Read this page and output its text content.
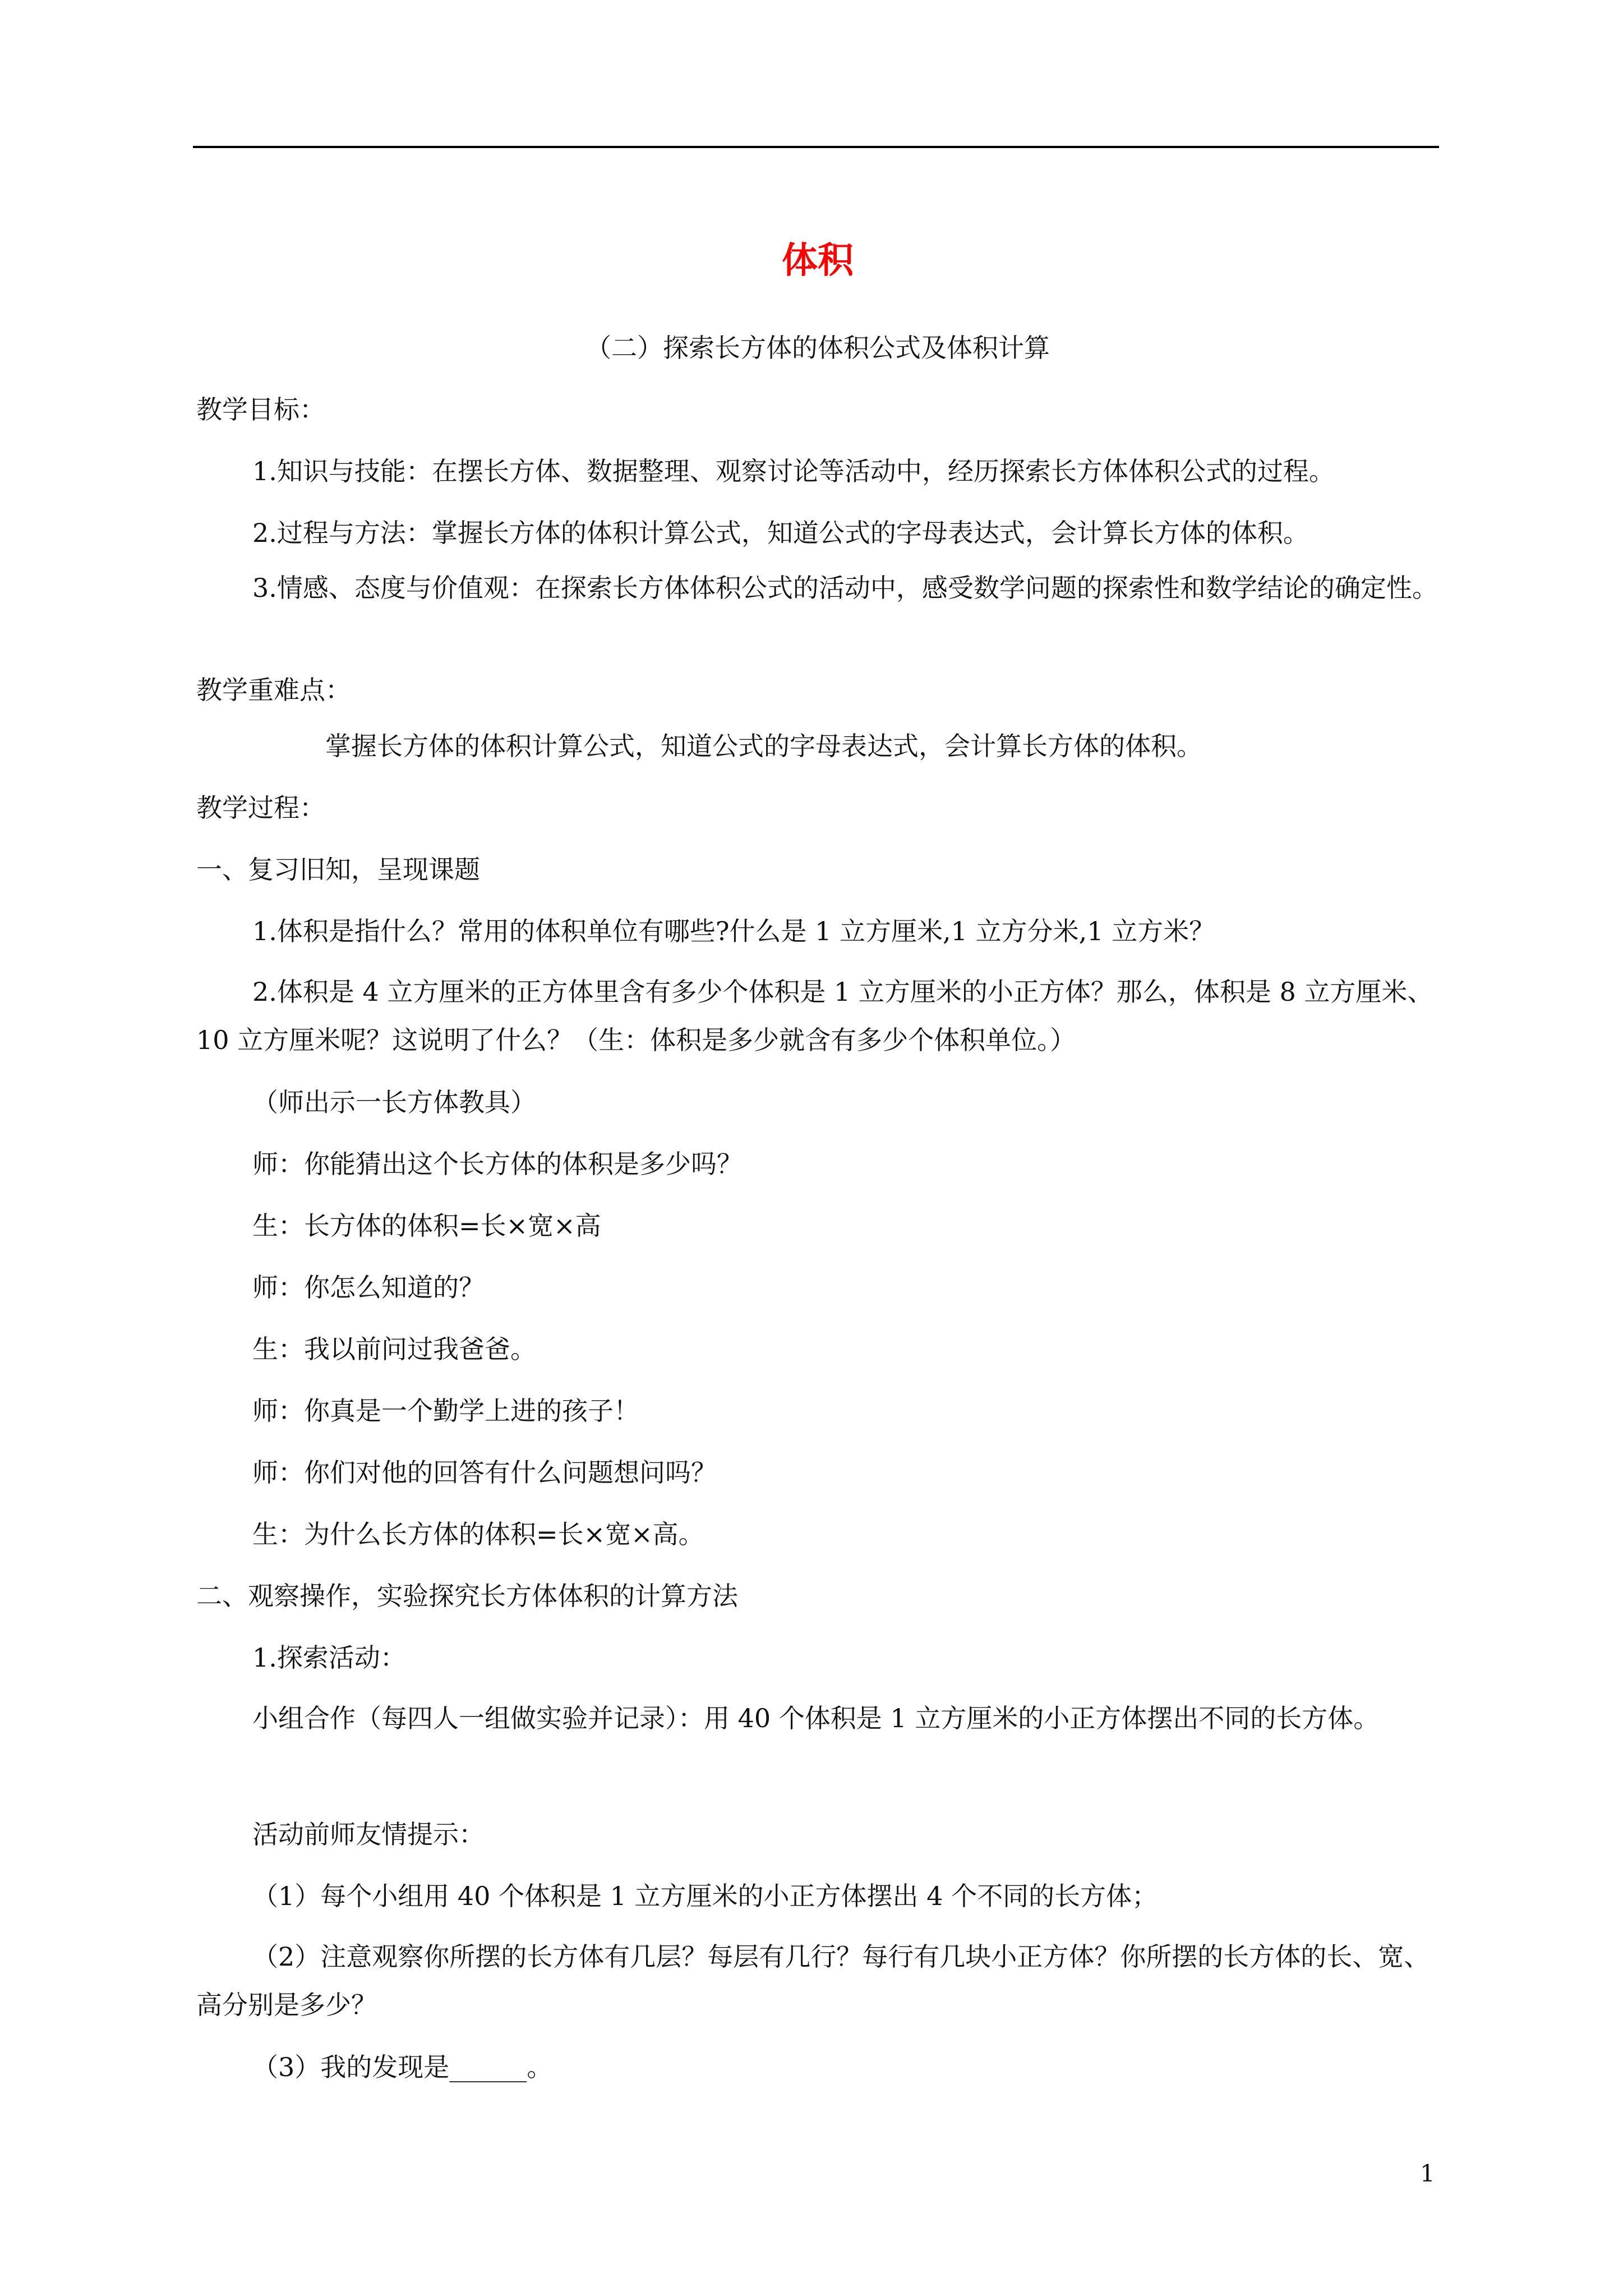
体积
（二）探索长方体的体积公式及体积计算
教学目标：
1.知识与技能：在摆长方体、数据整理、观察讨论等活动中，经历探索长方体体积公式的过程。
2.过程与方法：掌握长方体的体积计算公式，知道公式的字母表达式，会计算长方体的体积。
3.情感、态度与价值观：在探索长方体体积公式的活动中，感受数学问题的探索性和数学结论的确定性。
教学重难点：
掌握长方体的体积计算公式，知道公式的字母表达式，会计算长方体的体积。
教学过程：
一、复习旧知，呈现课题
1.体积是指什么？常用的体积单位有哪些?什么是 1 立方厘米,1 立方分米,1 立方米？
2.体积是 4 立方厘米的正方体里含有多少个体积是 1 立方厘米的小正方体？那么，体积是 8 立方厘米、10 立方厘米呢？这说明了什么？（生：体积是多少就含有多少个体积单位。）
（师出示一长方体教具）
师：你能猜出这个长方体的体积是多少吗？
生：长方体的体积=长×宽×高
师：你怎么知道的？
生：我以前问过我爸爸。
师：你真是一个勤学上进的孩子！
师：你们对他的回答有什么问题想问吗？
生：为什么长方体的体积=长×宽×高。
二、观察操作，实验探究长方体体积的计算方法
1.探索活动：
小组合作（每四人一组做实验并记录）：用 40 个体积是 1 立方厘米的小正方体摆出不同的长方体。
活动前师友情提示：
（1）每个小组用 40 个体积是 1 立方厘米的小正方体摆出 4 个不同的长方体；
（2）注意观察你所摆的长方体有几层？每层有几行？每行有几块小正方体？你所摆的长方体的长、宽、高分别是多少？
（3）我的发现是______。
1
